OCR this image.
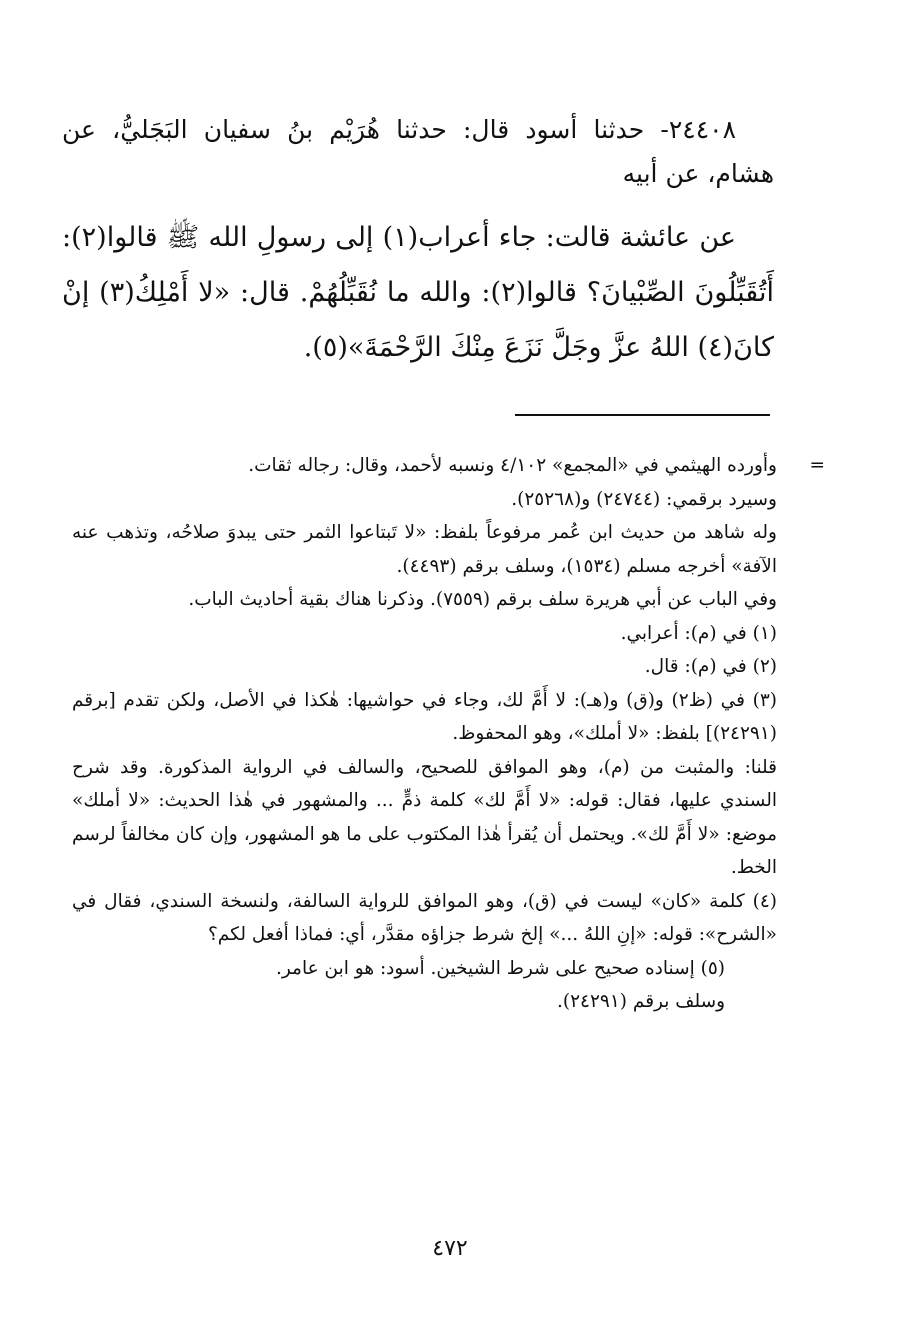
٢٤٤٠٨- حدثنا أسود قال: حدثنا هُرَيْم بنُ سفيان البَجَليُّ، عن هشام، عن أبيه

عن عائشة قالت: جاء أعراب(١) إلى رسولِ الله ﷺ قالوا(٢): أَتُقَبِّلُونَ الصِّبْيانَ؟ قالوا(٢): والله ما نُقَبِّلُهُمْ. قال: «لا أَمْلِكُ(٣) إنْ كانَ(٤) اللهُ عزَّ وجَلَّ نَزَعَ مِنْكَ الرَّحْمَةَ»(٥).

=
وأورده الهيثمي في «المجمع» ٤/١٠٢ ونسبه لأحمد، وقال: رجاله ثقات.

وسيرد برقمي: (٢٤٧٤٤) و(٢٥٢٦٨).

وله شاهد من حديث ابن عُمر مرفوعاً بلفظ: «لا تَبتاعوا الثمر حتى يبدوَ صلاحُه، وتذهب عنه الآفة» أخرجه مسلم (١٥٣٤)، وسلف برقم (٤٤٩٣).

وفي الباب عن أبي هريرة سلف برقم (٧٥٥٩). وذكرنا هناك بقية أحاديث الباب.

(١) في (م): أعرابي.

(٢) في (م): قال.

(٣) في (ظ٢) و(ق) و(هـ): لا أَمَّ لك، وجاء في حواشيها: هٰكذا في الأصل، ولكن تقدم [برقم (٢٤٢٩١)] بلفظ: «لا أملك»، وهو المحفوظ.

قلنا: والمثبت من (م)، وهو الموافق للصحيح، والسالف في الرواية المذكورة. وقد شرح السندي عليها، فقال: قوله: «لا أَمَّ لك» كلمة ذمٍّ ... والمشهور في هٰذا الحديث: «لا أملك» موضع: «لا أَمَّ لك». ويحتمل أن يُقرأ هٰذا المكتوب على ما هو المشهور، وإن كان مخالفاً لرسم الخط.

(٤) كلمة «كان» ليست في (ق)، وهو الموافق للرواية السالفة، ولنسخة السندي، فقال في «الشرح»: قوله: «إنِ اللهُ ...» إلخ شرط جزاؤه مقدَّر، أي: فماذا أفعل لكم؟

(٥) إسناده صحيح على شرط الشيخين. أسود: هو ابن عامر.

وسلف برقم (٢٤٢٩١).

٤٧٢
